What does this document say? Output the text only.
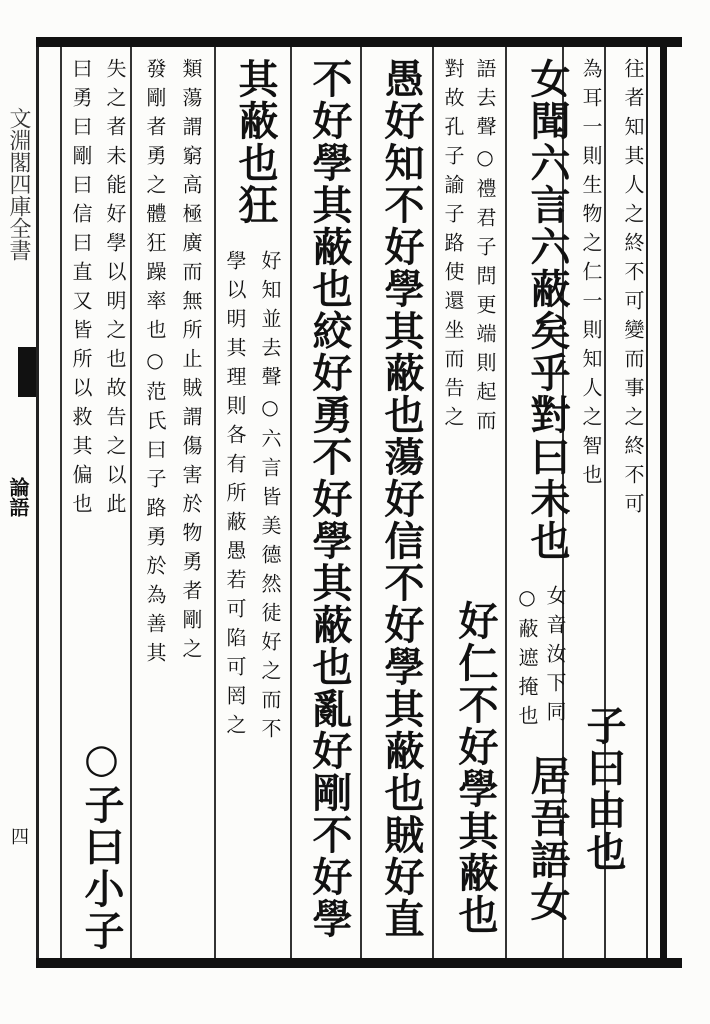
文淵閣四庫全書
論語
四
往者知其人之終不可變而事之終不可
為耳一則生物之仁一則知人之智也
子曰由也
女聞六言六蔽矣乎對曰未也
女音汝下同
○蔽遮掩也
居吾語女
語去聲○禮君子問更端則起而
對故孔子諭子路使還坐而告之
好仁不好學其蔽也
愚好知不好學其蔽也蕩好信不好學其蔽也賊好直
不好學其蔽也絞好勇不好學其蔽也亂好剛不好學
其蔽也狂
好知並去聲○六言皆美德然徒好之而不
學以明其理則各有所蔽愚若可陷可罔之
類蕩謂窮高極廣而無所止賊謂傷害於物勇者剛之
發剛者勇之體狂躁率也○范氏曰子路勇於為善其
失之者未能好學以明之也故告之以此
曰勇曰剛曰信曰直又皆所以救其偏也
○子曰小子
